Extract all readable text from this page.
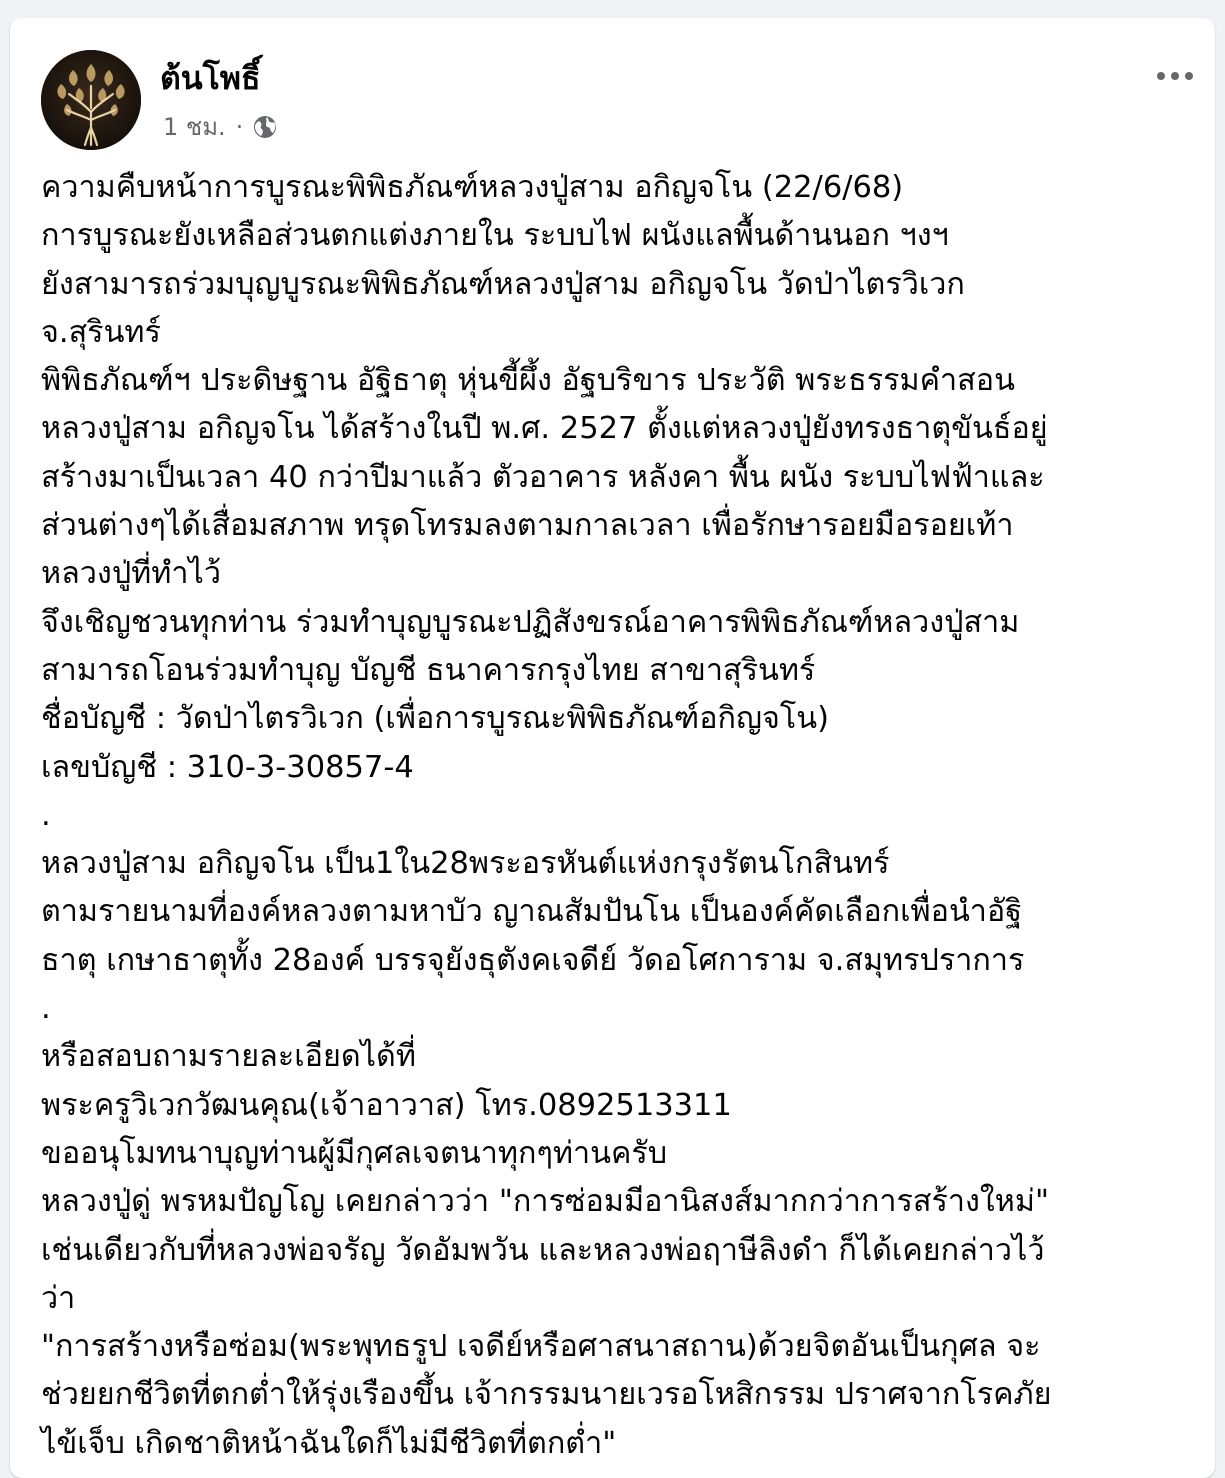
ต้นโพธิ์
1 ชม. ·
ความคืบหน้าการบูรณะพิพิธภัณฑ์หลวงปู่สาม อกิญจโน (22/6/68)
การบูรณะยังเหลือส่วนตกแต่งภายใน ระบบไฟ ผนังแลพื้นด้านนอก ฯงฯ
ยังสามารถร่วมบุญบูรณะพิพิธภัณฑ์หลวงปู่สาม อกิญจโน วัดป่าไตรวิเวก
จ.สุรินทร์
พิพิธภัณฑ์ฯ ประดิษฐาน อัฐิธาตุ หุ่นขี้ผึ้ง อัฐบริขาร ประวัติ พระธรรมคำสอน
หลวงปู่สาม อกิญจโน ได้สร้างในปี พ.ศ. 2527 ตั้งแต่หลวงปู่ยังทรงธาตุขันธ์อยู่
สร้างมาเป็นเวลา 40 กว่าปีมาแล้ว ตัวอาคาร หลังคา พื้น ผนัง ระบบไฟฟ้าและ
ส่วนต่างๆได้เสื่อมสภาพ ทรุดโทรมลงตามกาลเวลา เพื่อรักษารอยมือรอยเท้า
หลวงปู่ที่ทำไว้
จึงเชิญชวนทุกท่าน ร่วมทำบุญบูรณะปฏิสังขรณ์อาคารพิพิธภัณฑ์หลวงปู่สาม
สามารถโอนร่วมทำบุญ บัญชี ธนาคารกรุงไทย สาขาสุรินทร์
ชื่อบัญชี : วัดป่าไตรวิเวก (เพื่อการบูรณะพิพิธภัณฑ์อกิญจโน)
เลขบัญชี : 310-3-30857-4
.
หลวงปู่สาม อกิญจโน เป็น1ใน28พระอรหันต์แห่งกรุงรัตนโกสินทร์
ตามรายนามที่องค์หลวงตามหาบัว ญาณสัมปันโน เป็นองค์คัดเลือกเพื่อนำอัฐิ
ธาตุ เกษาธาตุทั้ง 28องค์ บรรจุยังธุตังคเจดีย์ วัดอโศการาม จ.สมุทรปราการ
.
หรือสอบถามรายละเอียดได้ที่
พระครูวิเวกวัฒนคุณ(เจ้าอาวาส) โทร.0892513311
ขออนุโมทนาบุญท่านผู้มีกุศลเจตนาทุกๆท่านครับ
หลวงปู่ดู่ พรหมปัญโญ เคยกล่าวว่า "การซ่อมมีอานิสงส์มากกว่าการสร้างใหม่"
เช่นเดียวกับที่หลวงพ่อจรัญ วัดอัมพวัน และหลวงพ่อฤาษีลิงดำ ก็ได้เคยกล่าวไว้
ว่า
"การสร้างหรือซ่อม(พระพุทธรูป เจดีย์หรือศาสนาสถาน)ด้วยจิตอันเป็นกุศล จะ
ช่วยยกชีวิตที่ตกต่ำให้รุ่งเรืองขึ้น เจ้ากรรมนายเวรอโหสิกรรม ปราศจากโรคภัย
ไข้เจ็บ เกิดชาติหน้าฉันใดก็ไม่มีชีวิตที่ตกต่ำ"
